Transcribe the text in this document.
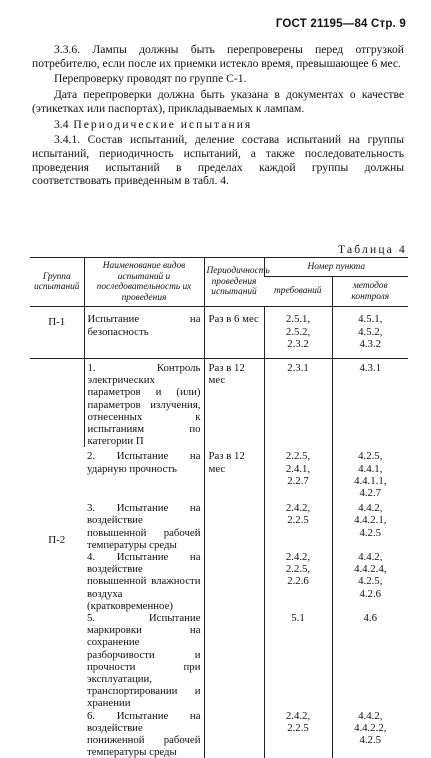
ГОСТ 21195—84 Стр. 9

3.3.6. Лампы должны быть перепроверены перед отгрузкой потребителю, если после их приемки истекло время, превышающее 6 мес.

Перепроверку проводят по группе С-1.

Дата перепроверки должна быть указана в документах о качестве (этикетках или паспортах), прикладываемых к лампам.

3.4 Периодические испытания

3.4.1. Состав испытаний, деление состава испытаний на группы испытаний, периодичность испытаний, а также последовательность проведения испытаний в пределах каждой группы должны соответствовать приведенным в табл. 4.

Таблица 4
Группа испытаний	Наименование видов испытаний и последовательность их проведения	Периодичность проведения испытаний	Номер пункта	
			требований	методов контроля

П-1	Испытание на безопасность	Раз в 6 мес	2.5.1,
2.5.2,
2.3.2	4.5.1,
4.5.2,
4.3.2

П-2	1. Контроль электрических параметров и (или) параметров излучения, отнесенных к испытаниям по категории П	Раз в 12 мес	2.3.1	4.3.1

	2. Испытание на ударную прочность	Раз в 12 мес	2.2.5,
2.4.1,
2.2.7	4.2.5,
4.4.1,
4.4.1.1,
4.2.7

	3. Испытание на воздействие повышенной рабочей температуры среды		2.4.2,
2.2.5	4.4.2,
4.4.2.1,
4.2.5

	4. Испытание на воздействие повышенной влажности воздуха (кратковременное)		2.4.2,
2.2.5,
2.2.6	4.4.2,
4.4.2.4,
4.2.5,
4.2.6

	5. Испытание маркировки на сохранение разборчивости и прочности при эксплуатации, транспортировании и хранении		5.1	4.6

	6. Испытание на воздействие пониженной рабочей температуры среды		2.4.2,
2.2.5	4.4.2,
4.4.2.2,
4.2.5
